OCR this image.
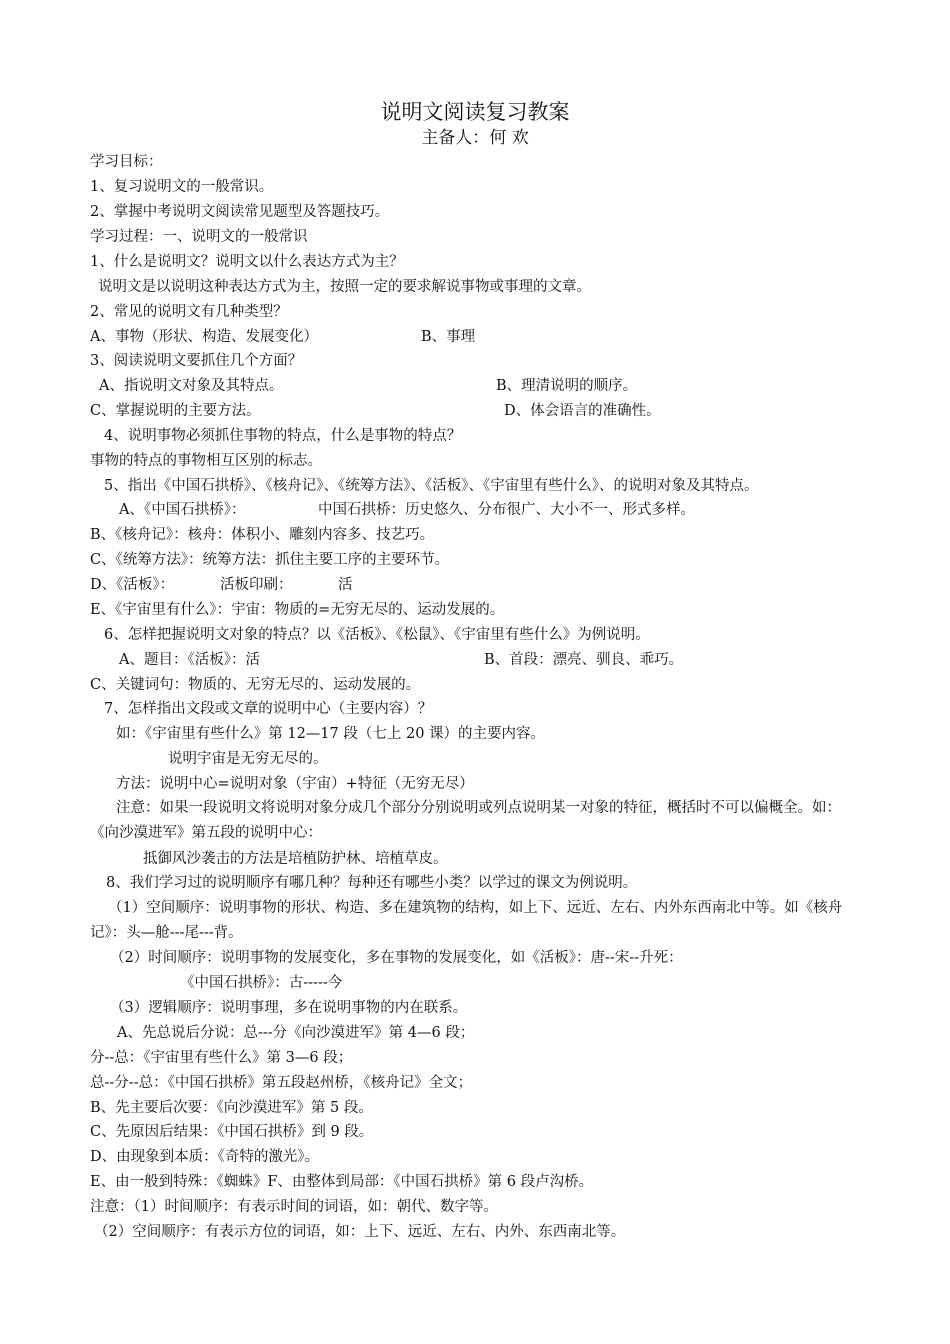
说明文阅读复习教案
主备人：何 欢
学习目标：
1、复习说明文的一般常识。
2、掌握中考说明文阅读常见题型及答题技巧。
学习过程：一、说明文的一般常识
1、什么是说明文？说明文以什么表达方式为主？
说明文是以说明这种表达方式为主，按照一定的要求解说事物或事理的文章。
2、常见的说明文有几种类型？
A、事物（形状、构造、发展变化）	B、事理
3、阅读说明文要抓住几个方面？
A、指说明文对象及其特点。	B、理清说明的顺序。
C、掌握说明的主要方法。	D、体会语言的准确性。
4、说明事物必须抓住事物的特点，什么是事物的特点？
事物的特点的事物相互区别的标志。
5、指出《中国石拱桥》、《核舟记》、《统筹方法》、《活板》、《宇宙里有些什么》、的说明对象及其特点。
A、《中国石拱桥》：	中国石拱桥：历史悠久、分布很广、大小不一、形式多样。
B、《核舟记》：核舟：体积小、雕刻内容多、技艺巧。
C、《统筹方法》：统筹方法：抓住主要工序的主要环节。
D、《活板》：	活板印刷：	活
E、《宇宙里有什么》：宇宙：物质的=无穷无尽的、运动发展的。
6、怎样把握说明文对象的特点？以《活板》、《松鼠》、《宇宙里有些什么》为例说明。
A、题目：《活板》：活	B、首段：漂亮、驯良、乖巧。
C、关键词句：物质的、无穷无尽的、运动发展的。
7、怎样指出文段或文章的说明中心（主要内容）？
如：《宇宙里有些什么》第 12—17 段（七上 20 课）的主要内容。
说明宇宙是无穷无尽的。
方法：说明中心=说明对象（宇宙）+特征（无穷无尽）
注意：如果一段说明文将说明对象分成几个部分分别说明或列点说明某一对象的特征，概括时不可以偏概全。如：《向沙漠进军》第五段的说明中心：
抵御风沙袭击的方法是培植防护林、培植草皮。
8、我们学习过的说明顺序有哪几种？每种还有哪些小类？以学过的课文为例说明。
（1）空间顺序：说明事物的形状、构造、多在建筑物的结构，如上下、远近、左右、内外东西南北中等。如《核舟记》：头—舱---尾---背。
（2）时间顺序：说明事物的发展变化，多在事物的发展变化，如《活板》：唐--宋--升死：
《中国石拱桥》：古-----今
（3）逻辑顺序：说明事理，多在说明事物的内在联系。
A、先总说后分说：总---分《向沙漠进军》第 4—6 段；
分--总：《宇宙里有些什么》第 3—6 段；
总--分--总：《中国石拱桥》第五段赵州桥，《核舟记》全文；
B、先主要后次要：《向沙漠进军》第 5 段。
C、先原因后结果：《中国石拱桥》到 9 段。
D、由现象到本质：《奇特的激光》。
E、由一般到特殊：《蜘蛛》F、由整体到局部：《中国石拱桥》第 6 段卢沟桥。
注意：（1）时间顺序：有表示时间的词语，如：朝代、数字等。
（2）空间顺序：有表示方位的词语，如：上下、远近、左右、内外、东西南北等。
